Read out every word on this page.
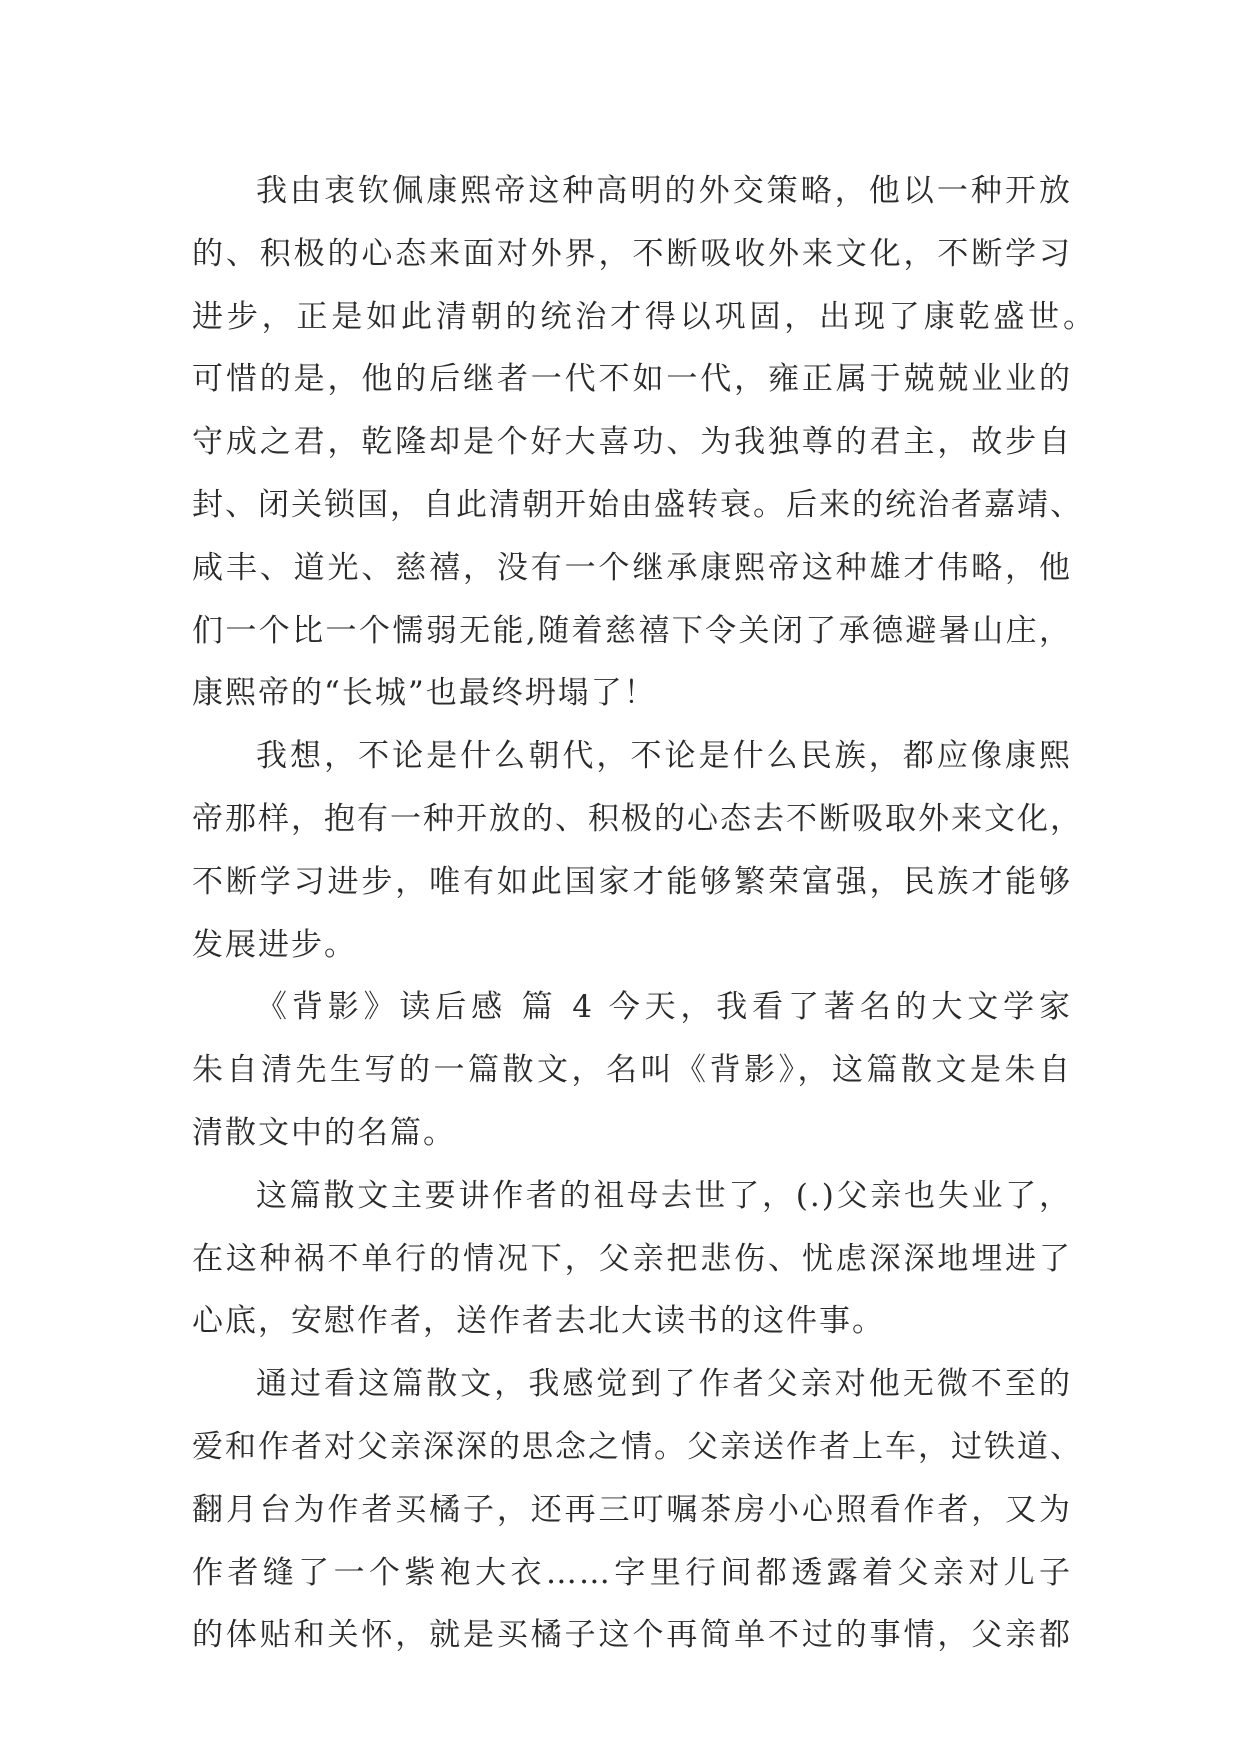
我由衷钦佩康熙帝这种高明的外交策略，他以一种开放
的、积极的心态来面对外界，不断吸收外来文化，不断学习
进步，正是如此清朝的统治才得以巩固，出现了康乾盛世。
可惜的是，他的后继者一代不如一代，雍正属于兢兢业业的
守成之君，乾隆却是个好大喜功、为我独尊的君主，故步自
封、闭关锁国，自此清朝开始由盛转衰。后来的统治者嘉靖、
咸丰、道光、慈禧，没有一个继承康熙帝这种雄才伟略，他
们一个比一个懦弱无能,随着慈禧下令关闭了承德避暑山庄，
康熙帝的“长城”也最终坍塌了！
我想，不论是什么朝代，不论是什么民族，都应像康熙
帝那样，抱有一种开放的、积极的心态去不断吸取外来文化，
不断学习进步，唯有如此国家才能够繁荣富强，民族才能够
发展进步。
《背影》读后感 篇 4 今天，我看了著名的大文学家
朱自清先生写的一篇散文，名叫《背影》，这篇散文是朱自
清散文中的名篇。
这篇散文主要讲作者的祖母去世了，(.)父亲也失业了，
在这种祸不单行的情况下，父亲把悲伤、忧虑深深地埋进了
心底，安慰作者，送作者去北大读书的这件事。
通过看这篇散文，我感觉到了作者父亲对他无微不至的
爱和作者对父亲深深的思念之情。父亲送作者上车，过铁道、
翻月台为作者买橘子，还再三叮嘱茶房小心照看作者，又为
作者缝了一个紫袍大衣……字里行间都透露着父亲对儿子
的体贴和关怀，就是买橘子这个再简单不过的事情，父亲都
